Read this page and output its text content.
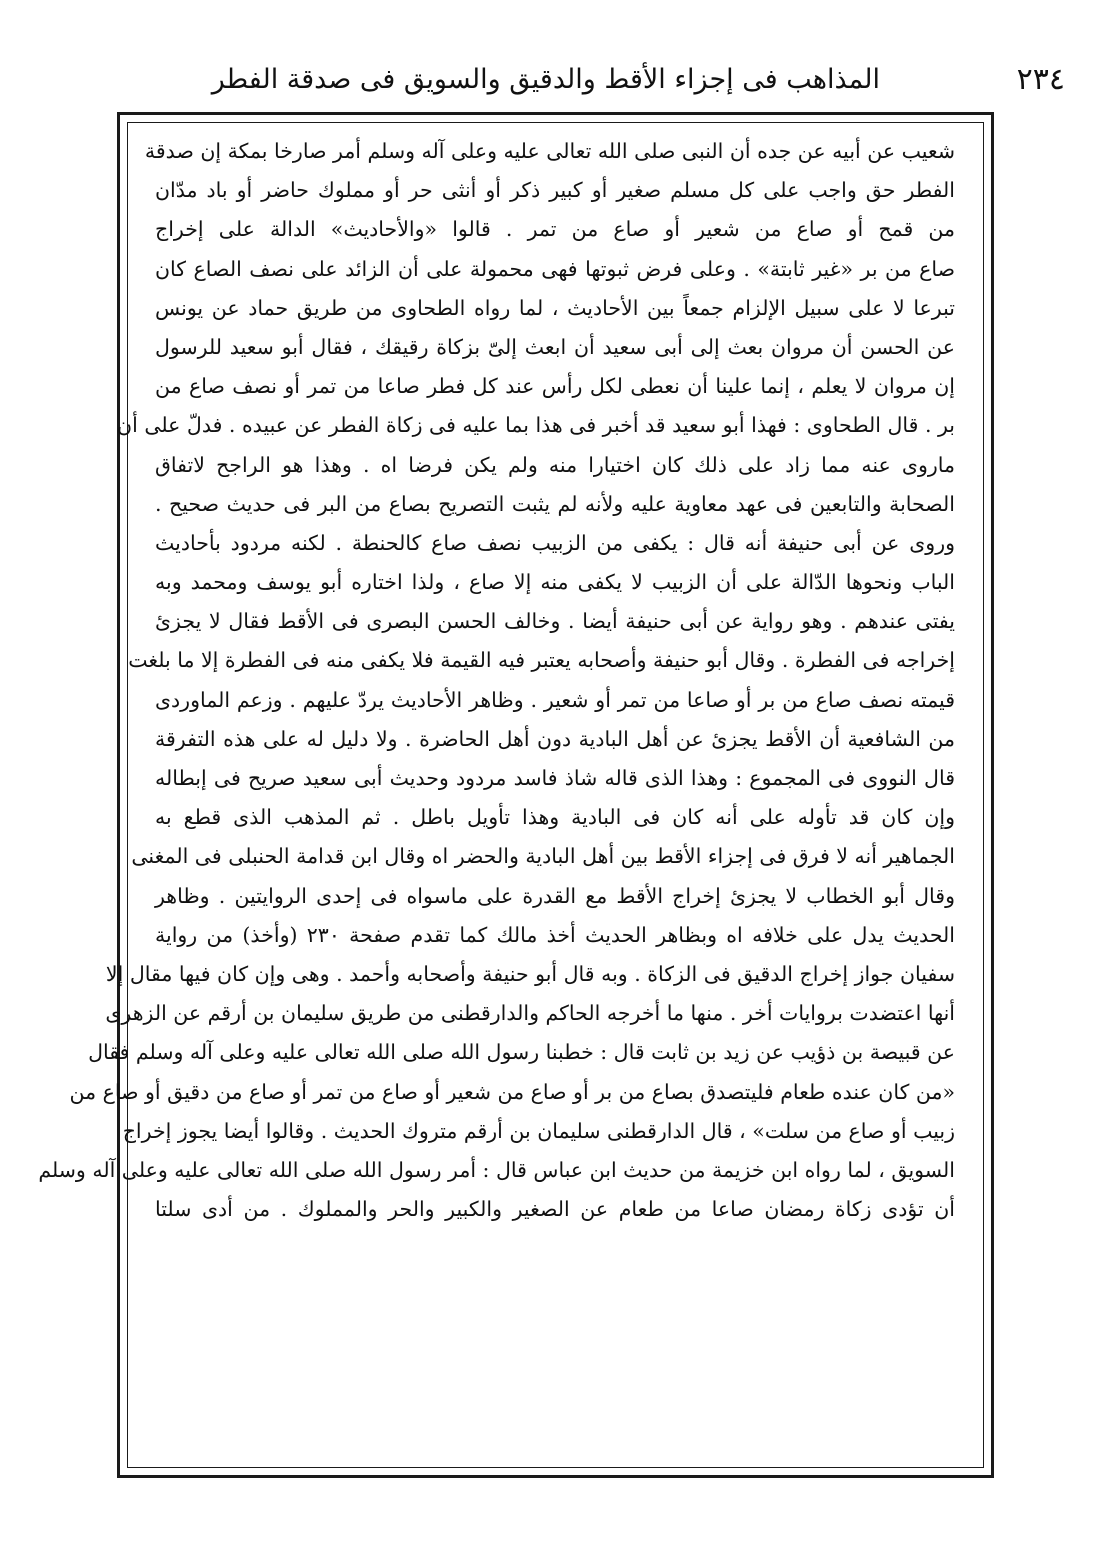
٢٣٤
المذاهب فى إجزاء الأقط والدقيق والسويق فى صدقة الفطر
شعيب عن أبيه عن جده أن النبى صلى الله تعالى عليه وعلى آله وسلم أمر صارخا بمكة إن صدقة
الفطر حق واجب على كل مسلم صغير أو كبير ذكر أو أنثى حر أو مملوك حاضر أو باد مدّان
من قمح أو صاع من شعير أو صاع من تمر . قالوا «والأحاديث» الدالة على إخراج
صاع من بر «غير ثابتة» . وعلى فرض ثبوتها فهى محمولة على أن الزائد على نصف الصاع كان
تبرعا لا على سبيل الإلزام جمعاً بين الأحاديث ، لما رواه الطحاوى من طريق حماد عن يونس
عن الحسن أن مروان بعث إلى أبى سعيد أن ابعث إلىّ بزكاة رقيقك ، فقال أبو سعيد للرسول
إن مروان لا يعلم ، إنما علينا أن نعطى لكل رأس عند كل فطر صاعا من تمر أو نصف صاع من
بر . قال الطحاوى : فهذا أبو سعيد قد أخبر فى هذا بما عليه فى زكاة الفطر عن عبيده . فدلّ على أن
ماروى عنه مما زاد على ذلك كان اختيارا منه ولم يكن فرضا اه . وهذا هو الراجح لاتفاق
الصحابة والتابعين فى عهد معاوية عليه ولأنه لم يثبت التصريح بصاع من البر فى حديث صحيح .
وروى عن أبى حنيفة أنه قال : يكفى من الزبيب نصف صاع كالحنطة . لكنه مردود بأحاديث
الباب ونحوها الدّالة على أن الزبيب لا يكفى منه إلا صاع ، ولذا اختاره أبو يوسف ومحمد وبه
يفتى عندهم . وهو رواية عن أبى حنيفة أيضا . وخالف الحسن البصرى فى الأقط فقال لا يجزئ
إخراجه فى الفطرة . وقال أبو حنيفة وأصحابه يعتبر فيه القيمة فلا يكفى منه فى الفطرة إلا ما بلغت
قيمته نصف صاع من بر أو صاعا من تمر أو شعير . وظاهر الأحاديث يردّ عليهم . وزعم الماوردى
من الشافعية أن الأقط يجزئ عن أهل البادية دون أهل الحاضرة . ولا دليل له على هذه التفرقة
قال النووى فى المجموع : وهذا الذى قاله شاذ فاسد مردود وحديث أبى سعيد صريح فى إبطاله
وإن كان قد تأوله على أنه كان فى البادية وهذا تأويل باطل . ثم المذهب الذى قطع به
الجماهير أنه لا فرق فى إجزاء الأقط بين أهل البادية والحضر اه وقال ابن قدامة الحنبلى فى المغنى
وقال أبو الخطاب لا يجزئ إخراج الأقط مع القدرة على ماسواه فى إحدى الروايتين . وظاهر
الحديث يدل على خلافه اه وبظاهر الحديث أخذ مالك كما تقدم صفحة ٢٣٠ (وأخذ) من رواية
سفيان جواز إخراج الدقيق فى الزكاة . وبه قال أبو حنيفة وأصحابه وأحمد . وهى وإن كان فيها مقال إلا
أنها اعتضدت بروايات أخر . منها ما أخرجه الحاكم والدارقطنى من طريق سليمان بن أرقم عن الزهرى
عن قبيصة بن ذؤيب عن زيد بن ثابت قال : خطبنا رسول الله صلى الله تعالى عليه وعلى آله وسلم فقال
«من كان عنده طعام فليتصدق بصاع من بر أو صاع من شعير أو صاع من تمر أو صاع من دقيق أو صاع من
زبيب أو صاع من سلت» ، قال الدارقطنى سليمان بن أرقم متروك الحديث . وقالوا أيضا يجوز إخراج
السويق ، لما رواه ابن خزيمة من حديث ابن عباس قال : أمر رسول الله صلى الله تعالى عليه وعلى آله وسلم
أن تؤدى زكاة رمضان صاعا من طعام عن الصغير والكبير والحر والمملوك . من أدى سلتا
